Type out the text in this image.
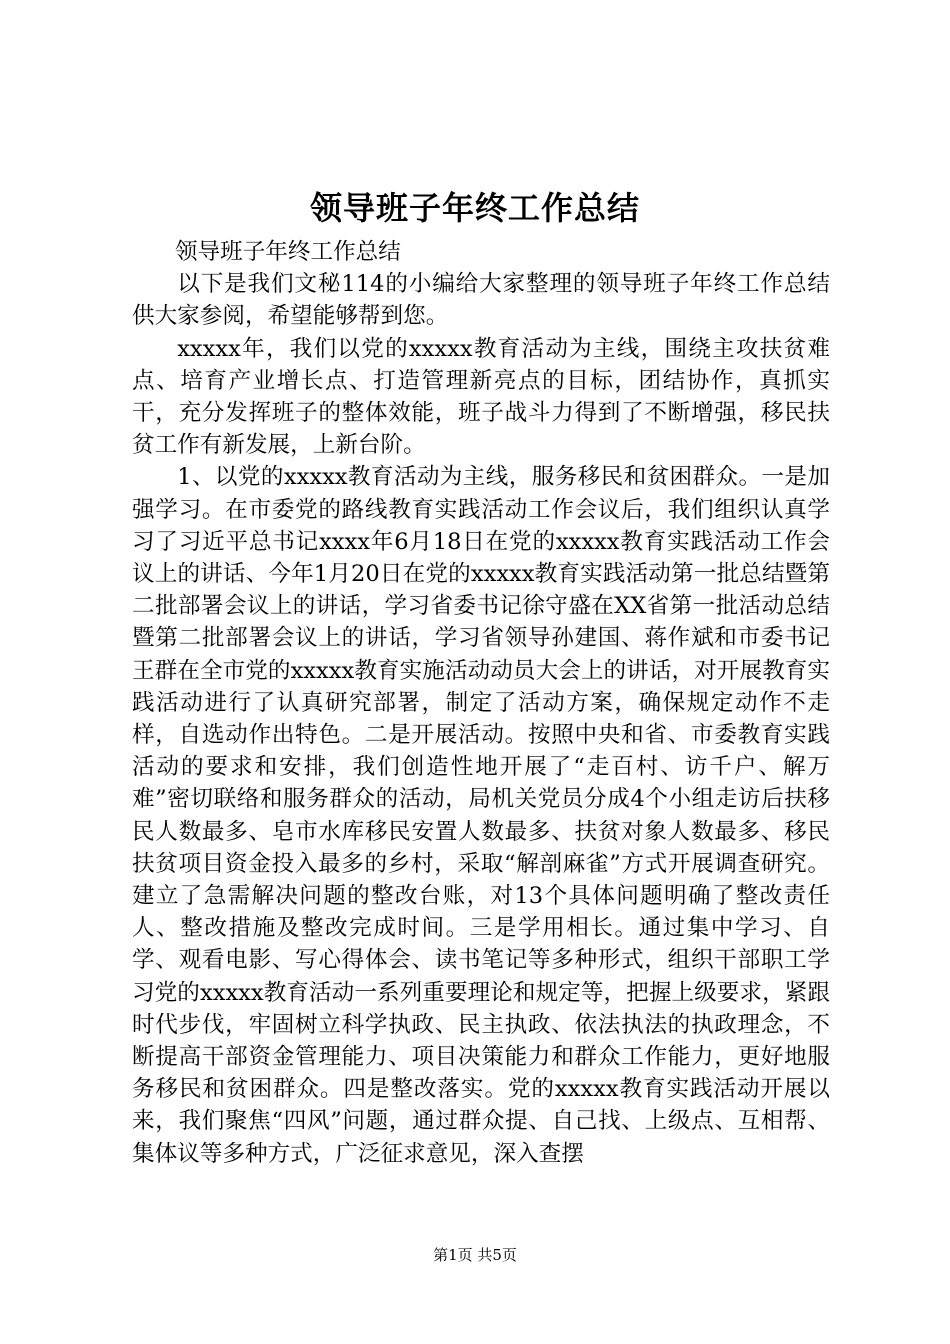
领导班子年终工作总结

领导班子年终工作总结

以下是我们文秘114的小编给大家整理的领导班子年终工作总结供大家参阅，希望能够帮到您。

xxxxx年，我们以党的xxxxx教育活动为主线，围绕主攻扶贫难点、培育产业增长点、打造管理新亮点的目标，团结协作，真抓实干，充分发挥班子的整体效能，班子战斗力得到了不断增强，移民扶贫工作有新发展，上新台阶。

1、以党的xxxxx教育活动为主线，服务移民和贫困群众。一是加强学习。在市委党的路线教育实践活动工作会议后，我们组织认真学习了习近平总书记xxxx年6月18日在党的xxxxx教育实践活动工作会议上的讲话、今年1月20日在党的xxxxx教育实践活动第一批总结暨第二批部署会议上的讲话，学习省委书记徐守盛在XX省第一批活动总结暨第二批部署会议上的讲话，学习省领导孙建国、蒋作斌和市委书记王群在全市党的xxxxx教育实施活动动员大会上的讲话，对开展教育实践活动进行了认真研究部署，制定了活动方案，确保规定动作不走样，自选动作出特色。二是开展活动。按照中央和省、市委教育实践活动的要求和安排，我们创造性地开展了“走百村、访千户、解万难”密切联络和服务群众的活动，局机关党员分成4个小组走访后扶移民人数最多、皂市水库移民安置人数最多、扶贫对象人数最多、移民扶贫项目资金投入最多的乡村，采取“解剖麻雀”方式开展调查研究。建立了急需解决问题的整改台账，对13个具体问题明确了整改责任人、整改措施及整改完成时间。三是学用相长。通过集中学习、自学、观看电影、写心得体会、读书笔记等多种形式，组织干部职工学习党的xxxxx教育活动一系列重要理论和规定等，把握上级要求，紧跟时代步伐，牢固树立科学执政、民主执政、依法执法的执政理念，不断提高干部资金管理能力、项目决策能力和群众工作能力，更好地服务移民和贫困群众。四是整改落实。党的xxxxx教育实践活动开展以来，我们聚焦“四风”问题，通过群众提、自己找、上级点、互相帮、集体议等多种方式，广泛征求意见，深入查摆

第1页 共5页
